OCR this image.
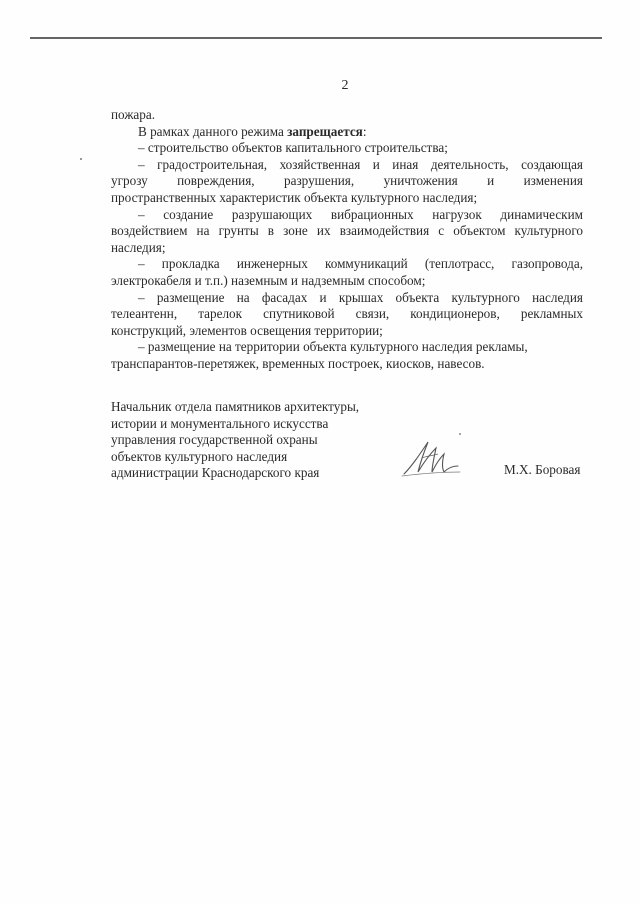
2
пожара.
В рамках данного режима запрещается:
– строительство объектов капитального строительства;
– градостроительная, хозяйственная и иная деятельность, создающая
угрозу повреждения, разрушения, уничтожения и изменения
пространственных характеристик объекта культурного наследия;
– создание разрушающих вибрационных нагрузок динамическим
воздействием на грунты в зоне их взаимодействия с объектом культурного
наследия;
– прокладка инженерных коммуникаций (теплотрасс, газопровода,
электрокабеля и т.п.) наземным и надземным способом;
– размещение на фасадах и крышах объекта культурного наследия
телеантенн, тарелок спутниковой связи, кондиционеров, рекламных
конструкций, элементов освещения территории;
– размещение на территории объекта культурного наследия рекламы,
транспарантов-перетяжек, временных построек, киосков, навесов.
Начальник отдела памятников архитектуры,
истории и монументального искусства
управления государственной охраны
объектов культурного наследия
администрации Краснодарского края	М.Х. Боровая
